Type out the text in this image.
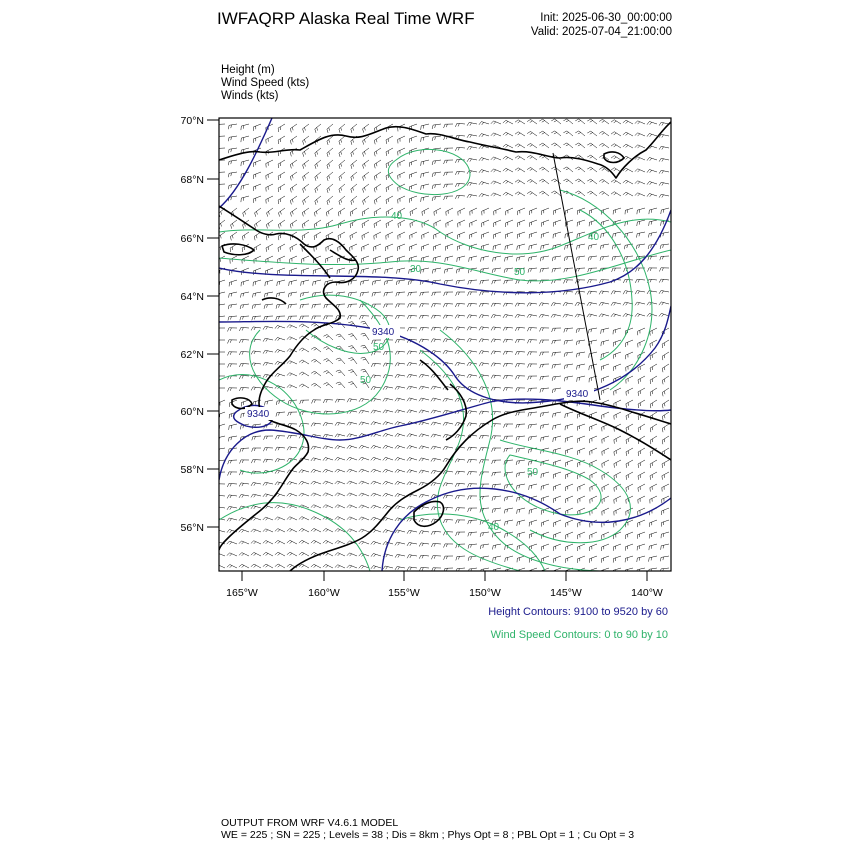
IWFAQRP Alaska Real Time WRF	Init: 2025-06-30_00:00:00
Valid: 2025-07-04_21:00:00
Height (m)
Wind Speed (kts)
Winds (kts)
70°N
68°N
66°N
64°N
62°N
60°N
58°N
56°N
165°W	160°W	155°W	150°W	145°W	140°W
9340
9340
9340
40
50
40
50
50
30
40
50
Height Contours: 9100 to 9520 by 60
Wind Speed Contours: 0 to 90 by 10
OUTPUT FROM WRF V4.6.1 MODEL
WE = 225 ; SN = 225 ; Levels = 38 ; Dis = 8km ; Phys Opt = 8 ; PBL Opt = 1 ; Cu Opt = 3
